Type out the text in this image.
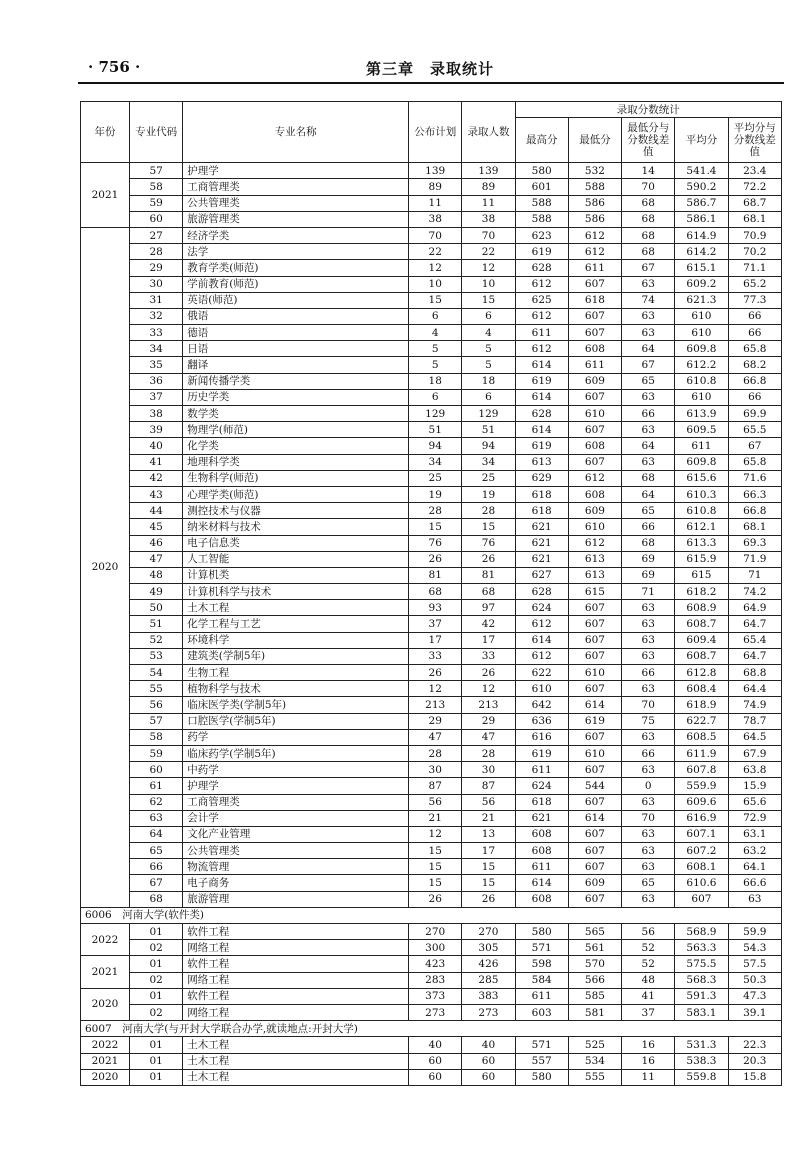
· 756 ·	第三章　录取统计
年份	专业代码	专业名称	公布计划	录取人数	录取分数统计				
					最高分	最低分	最低分与分数线差值	平均分	平均分与分数线差值
2021	57	护理学	139	139	580	532	14	541.4	23.4
	58	工商管理类	89	89	601	588	70	590.2	72.2
	59	公共管理类	11	11	588	586	68	586.7	68.7
	60	旅游管理类	38	38	588	586	68	586.1	68.1
2020	27	经济学类	70	70	623	612	68	614.9	70.9
	28	法学	22	22	619	612	68	614.2	70.2
	29	教育学类(师范)	12	12	628	611	67	615.1	71.1
	30	学前教育(师范)	10	10	612	607	63	609.2	65.2
	31	英语(师范)	15	15	625	618	74	621.3	77.3
	32	俄语	6	6	612	607	63	610	66
	33	德语	4	4	611	607	63	610	66
	34	日语	5	5	612	608	64	609.8	65.8
	35	翻译	5	5	614	611	67	612.2	68.2
	36	新闻传播学类	18	18	619	609	65	610.8	66.8
	37	历史学类	6	6	614	607	63	610	66
	38	数学类	129	129	628	610	66	613.9	69.9
	39	物理学(师范)	51	51	614	607	63	609.5	65.5
	40	化学类	94	94	619	608	64	611	67
	41	地理科学类	34	34	613	607	63	609.8	65.8
	42	生物科学(师范)	25	25	629	612	68	615.6	71.6
	43	心理学类(师范)	19	19	618	608	64	610.3	66.3
	44	测控技术与仪器	28	28	618	609	65	610.8	66.8
	45	纳米材料与技术	15	15	621	610	66	612.1	68.1
	46	电子信息类	76	76	621	612	68	613.3	69.3
	47	人工智能	26	26	621	613	69	615.9	71.9
	48	计算机类	81	81	627	613	69	615	71
	49	计算机科学与技术	68	68	628	615	71	618.2	74.2
	50	土木工程	93	97	624	607	63	608.9	64.9
	51	化学工程与工艺	37	42	612	607	63	608.7	64.7
	52	环境科学	17	17	614	607	63	609.4	65.4
	53	建筑类(学制5年)	33	33	612	607	63	608.7	64.7
	54	生物工程	26	26	622	610	66	612.8	68.8
	55	植物科学与技术	12	12	610	607	63	608.4	64.4
	56	临床医学类(学制5年)	213	213	642	614	70	618.9	74.9
	57	口腔医学(学制5年)	29	29	636	619	75	622.7	78.7
	58	药学	47	47	616	607	63	608.5	64.5
	59	临床药学(学制5年)	28	28	619	610	66	611.9	67.9
	60	中药学	30	30	611	607	63	607.8	63.8
	61	护理学	87	87	624	544	0	559.9	15.9
	62	工商管理类	56	56	618	607	63	609.6	65.6
	63	会计学	21	21	621	614	70	616.9	72.9
	64	文化产业管理	12	13	608	607	63	607.1	63.1
	65	公共管理类	15	17	608	607	63	607.2	63.2
	66	物流管理	15	15	611	607	63	608.1	64.1
	67	电子商务	15	15	614	609	65	610.6	66.6
	68	旅游管理	26	26	608	607	63	607	63
6006　河南大学(软件类)									
2022	01	软件工程	270	270	580	565	56	568.9	59.9
	02	网络工程	300	305	571	561	52	563.3	54.3
2021	01	软件工程	423	426	598	570	52	575.5	57.5
	02	网络工程	283	285	584	566	48	568.3	50.3
2020	01	软件工程	373	383	611	585	41	591.3	47.3
	02	网络工程	273	273	603	581	37	583.1	39.1
6007　河南大学(与开封大学联合办学,就读地点:开封大学)									
2022	01	土木工程	40	40	571	525	16	531.3	22.3
2021	01	土木工程	60	60	557	534	16	538.3	20.3
2020	01	土木工程	60	60	580	555	11	559.8	15.8
